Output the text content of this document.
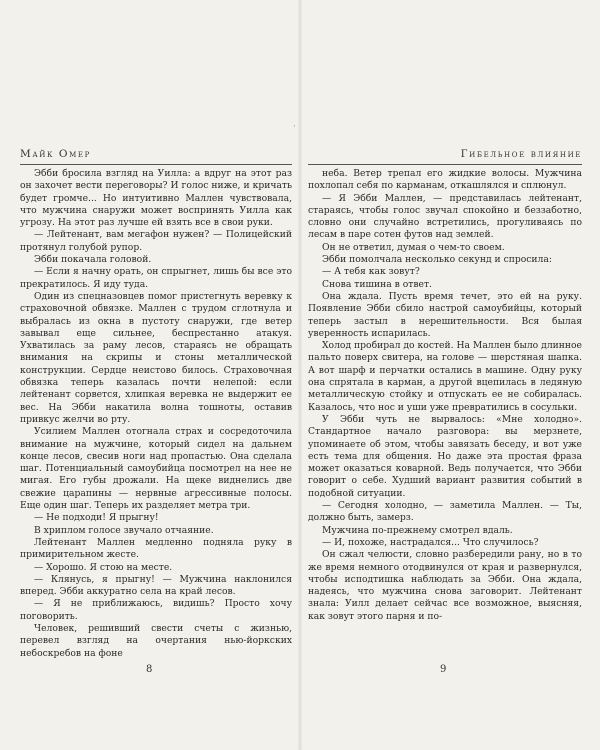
·
Майк Омер

Эбби бросила взгляд на Уилла: а вдруг на этот раз он захочет вести переговоры? И голос ниже, и кричать будет громче... Но интуитивно Маллен чувствовала, что мужчина снаружи может воспринять Уилла как угрозу. На этот раз лучше ей взять все в свои руки.

— Лейтенант, вам мегафон нужен? — Полицейский протянул голубой рупор.

Эбби покачала головой.

— Если я начну орать, он спрыгнет, лишь бы все это прекратилось. Я иду туда.

Один из спецназовцев помог пристегнуть веревку к страховочной обвязке. Маллен с трудом сглотнула и выбралась из окна в пустоту снаружи, где ветер завывал еще сильнее, беспрестанно атакуя. Ухватилась за раму лесов, стараясь не обращать внимания на скрипы и стоны металлической конструкции. Сердце неистово билось. Страховочная обвязка теперь казалась почти нелепой: если лейтенант сорвется, хлипкая веревка не выдержит ее вес. На Эбби накатила волна тошноты, оставив привкус желчи во рту.

Усилием Маллен отогнала страх и сосредоточила внимание на мужчине, который сидел на дальнем конце лесов, свесив ноги над пропастью. Она сделала шаг. Потенциальный самоубийца посмотрел на нее не мигая. Его губы дрожали. На щеке виднелись две свежие царапины — нервные агрессивные полосы. Еще один шаг. Теперь их разделяет метра три.

— Не подходи! Я прыгну!

В хриплом голосе звучало отчаяние.

Лейтенант Маллен медленно подняла руку в примирительном жесте.

— Хорошо. Я стою на месте.

— Клянусь, я прыгну! — Мужчина наклонился вперед. Эбби аккуратно села на край лесов.

— Я не приближаюсь, видишь? Просто хочу поговорить.

Человек, решивший свести счеты с жизнью, перевел взгляд на очертания нью-йоркских небоскребов на фоне

8
Гибельное влияние

неба. Ветер трепал его жидкие волосы. Мужчина похлопал себя по карманам, откашлялся и сплюнул.

— Я Эбби Маллен, — представилась лейтенант, стараясь, чтобы голос звучал спокойно и беззаботно, словно они случайно встретились, прогуливаясь по лесам в паре сотен футов над землей.

Он не ответил, думая о чем-то своем.

Эбби помолчала несколько секунд и спросила:

— А тебя как зовут?

Снова тишина в ответ.

Она ждала. Пусть время течет, это ей на руку. Появление Эбби сбило настрой самоубийцы, который теперь застыл в нерешительности. Вся былая уверенность испарилась.

Холод пробирал до костей. На Маллен было длинное пальто поверх свитера, на голове — шерстяная шапка. А вот шарф и перчатки остались в машине. Одну руку она спрятала в карман, а другой вцепилась в ледяную металлическую стойку и отпускать ее не собиралась. Казалось, что нос и уши уже превратились в сосульки.

У Эбби чуть не вырвалось: «Мне холодно». Стандартное начало разговора: вы мерзнете, упоминаете об этом, чтобы завязать беседу, и вот уже есть тема для общения. Но даже эта простая фраза может оказаться коварной. Ведь получается, что Эбби говорит о себе. Худший вариант развития событий в подобной ситуации.

— Сегодня холодно, — заметила Маллен. — Ты, должно быть, замерз.

Мужчина по-прежнему смотрел вдаль.

— И, похоже, настрадался... Что случилось?

Он сжал челюсти, словно разбередили рану, но в то же время немного отодвинулся от края и развернулся, чтобы исподтишка наблюдать за Эбби. Она ждала, надеясь, что мужчина снова заговорит. Лейтенант знала: Уилл делает сейчас все возможное, выясняя, как зовут этого парня и по-

9
